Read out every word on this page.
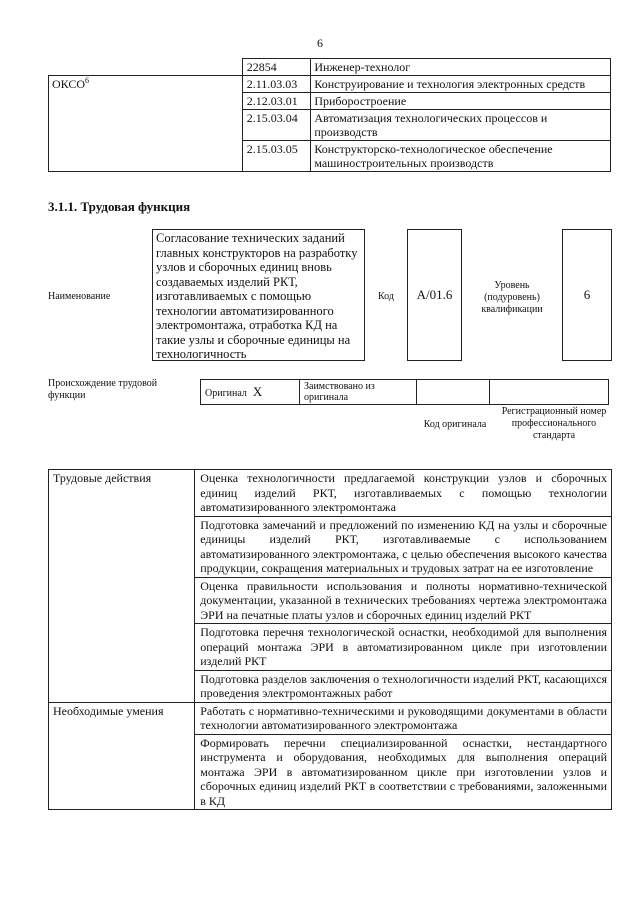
6
	22854	Инженер-технолог
ОКСО$^6$	2.11.03.03	Конструирование и технология электронных средств
	2.12.03.01	Приборостроение
	2.15.03.04	Автоматизация технологических процессов и производств
	2.15.03.05	Конструкторско-технологическое обеспечение машиностроительных производств
3.1.1. Трудовая функция
Наименование
Согласование технических заданий главных конструкторов на разработку узлов и сборочных единиц вновь создаваемых изделий РКТ, изготавливаемых с помощью технологии автоматизированного электромонтажа, отработка КД на такие узлы и сборочные единицы на технологичность
Код A/01.6
Уровень (подуровень) квалификации
6
Происхождение трудовой функции	Оригинал X	Заимствовано из оригинала		
Код оригинала
Регистрационный номер профессионального стандарта
Трудовые действия	Оценка технологичности предлагаемой конструкции узлов и сборочных единиц изделий РКТ, изготавливаемых с помощью технологии автоматизированного электромонтажа
	Подготовка замечаний и предложений по изменению КД на узлы и сборочные единицы изделий РКТ, изготавливаемые с использованием автоматизированного электромонтажа, с целью обеспечения высокого качества продукции, сокращения материальных и трудовых затрат на ее изготовление
	Оценка правильности использования и полноты нормативно-технической документации, указанной в технических требованиях чертежа электромонтажа ЭРИ на печатные платы узлов и сборочных единиц изделий РКТ
	Подготовка перечня технологической оснастки, необходимой для выполнения операций монтажа ЭРИ в автоматизированном цикле при изготовлении изделий РКТ
	Подготовка разделов заключения о технологичности изделий РКТ, касающихся проведения электромонтажных работ
Необходимые умения	Работать с нормативно-техническими и руководящими документами в области технологии автоматизированного электромонтажа
	Формировать перечни специализированной оснастки, нестандартного инструмента и оборудования, необходимых для выполнения операций монтажа ЭРИ в автоматизированном цикле при изготовлении узлов и сборочных единиц изделий РКТ в соответствии с требованиями, заложенными в КД
